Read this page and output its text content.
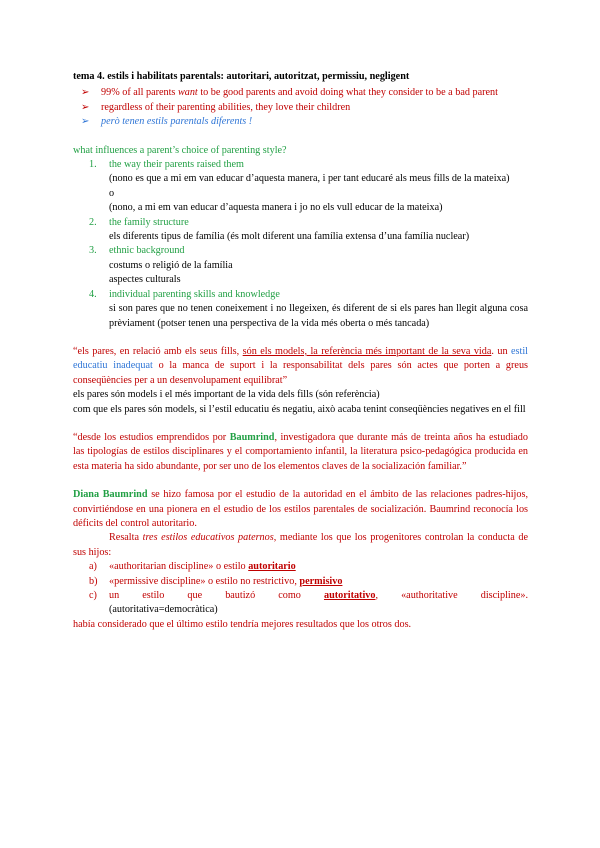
tema 4. estils i habilitats parentals: autoritari, autoritzat, permissiu, negligent

➢ 99% of all parents want to be good parents and avoid doing what they consider to be a bad parent
➢ regardless of their parenting abilities, they love their children
➢ però tenen estils parentals diferents !

what influences a parent’s choice of parenting style?

1. the way their parents raised them

(nono es que a mi em van educar d’aquesta manera, i per tant educaré als meus fills de la mateixa)

o

(nono, a mi em van educar d’aquesta manera i jo no els vull educar de la mateixa)

2. the family structure

els diferents tipus de família (és molt diferent una família extensa d’una família nuclear)

3. ethnic background

costums o religió de la família

aspectes culturals

4. individual parenting skills and knowledge

si son pares que no tenen coneixement i no llegeixen, és diferent de si els pares han llegit alguna cosa prèviament (potser tenen una perspectiva de la vida més oberta o més tancada)

“els pares, en relació amb els seus fills, són els models, la referència més important de la seva vida. un estil educatiu inadequat o la manca de suport i la responsabilitat dels pares són actes que porten a greus conseqüències per a un desenvolupament equilibrat”

els pares són models i el més important de la vida dels fills (són referència)

com que els pares són models, si l’estil educatiu és negatiu, això acaba tenint conseqüències negatives en el fill

“desde los estudios emprendidos por Baumrind, investigadora que durante más de treinta años ha estudiado las tipologías de estilos disciplinares y el comportamiento infantil, la literatura psico-pedagógica producida en esta materia ha sido abundante, por ser uno de los elementos claves de la socialización familiar.”

Diana Baumrind se hizo famosa por el estudio de la autoridad en el ámbito de las relaciones padres-hijos, convirtiéndose en una pionera en el estudio de los estilos parentales de socialización. Baumrind reconocía los déficits del control autoritario.

Resalta tres estilos educativos paternos, mediante los que los progenitores controlan la conducta de sus hijos:

a) «authoritarian discipline» o estilo autoritario
b) «permissive discipline» o estilo no restrictivo, permisivo
c) un estilo que bautizó como autoritativo, «authoritative discipline».

(autoritativa=democràtica)

había considerado que el último estilo tendría mejores resultados que los otros dos.
